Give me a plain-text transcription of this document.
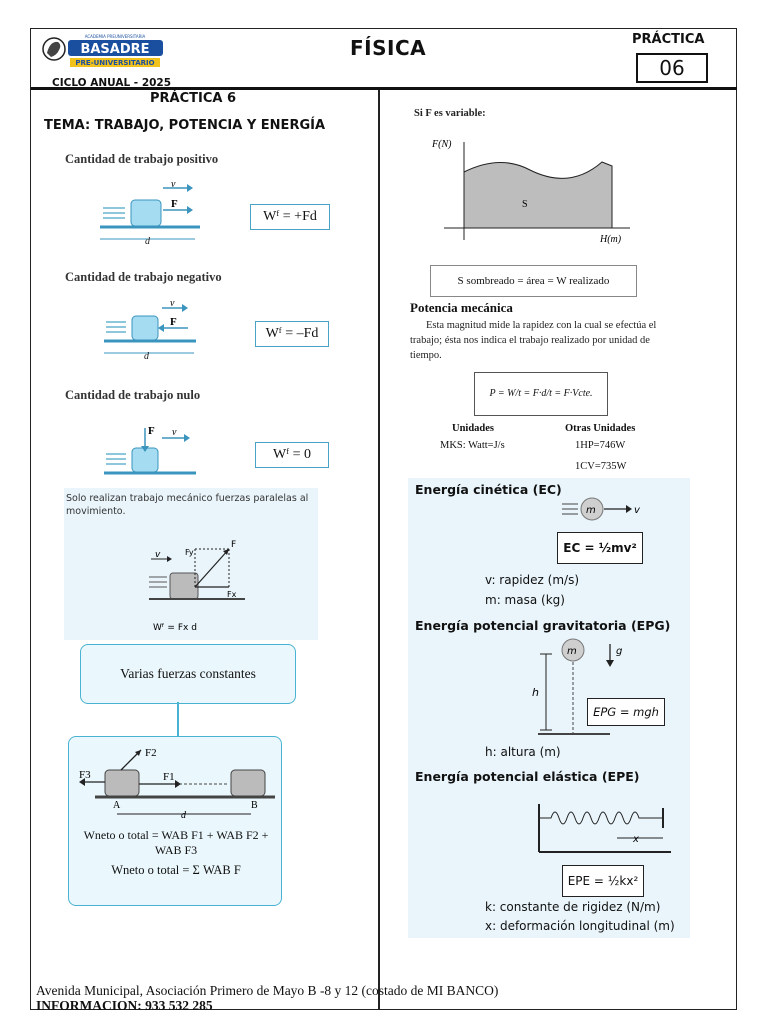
BASADRE
ACADEMIA PREUNIVERSITARIA
PRE-UNIVERSITARIO
CICLO ANUAL - 2025
FÍSICA	PRÁCTICA
06
PRÁCTICA 6
TEMA: TRABAJO, POTENCIA Y ENERGÍA
Cantidad de trabajo positivo
v
F
d
Wᶠ = +Fd
Cantidad de trabajo negativo
v
F
d
Wᶠ = –Fd
Cantidad de trabajo nulo
F v
Wᶠ = 0
Solo realizan trabajo mecánico fuerzas paralelas al movimiento.
v	Fy
F
Fx
Wᶠ = Fx d
Varias fuerzas constantes
F2
F1
F3
A	B
d
Wneto o total = WAB F1 + WAB F2 + WAB F3
Wneto o total = Σ WAB F
Si F es variable:
F(N)
H(m)
S
S sombreado = área = W realizado
Potencia mecánica
Esta magnitud mide la rapidez con la cual se efectúa el trabajo; ésta nos indica el trabajo realizado por unidad de tiempo.
P = W/t = F·d/t = F·Vcte.
Unidades
MKS: Watt=J/s
Otras Unidades
1HP=746W
1CV=735W
Energía cinética (EC)
m	v
EC = ½mv²
v: rapidez (m/s)
m: masa (kg)
Energía potencial gravitatoria (EPG)
m	g
h
EPG = mgh
h: altura (m)
Energía potencial elástica (EPE)
x
EPE = ½kx²
k: constante de rigidez (N/m)
x: deformación longitudinal (m)
Avenida Municipal, Asociación Primero de Mayo B -8 y 12 (costado de MI BANCO)
INFORMACION: 933 532 285
